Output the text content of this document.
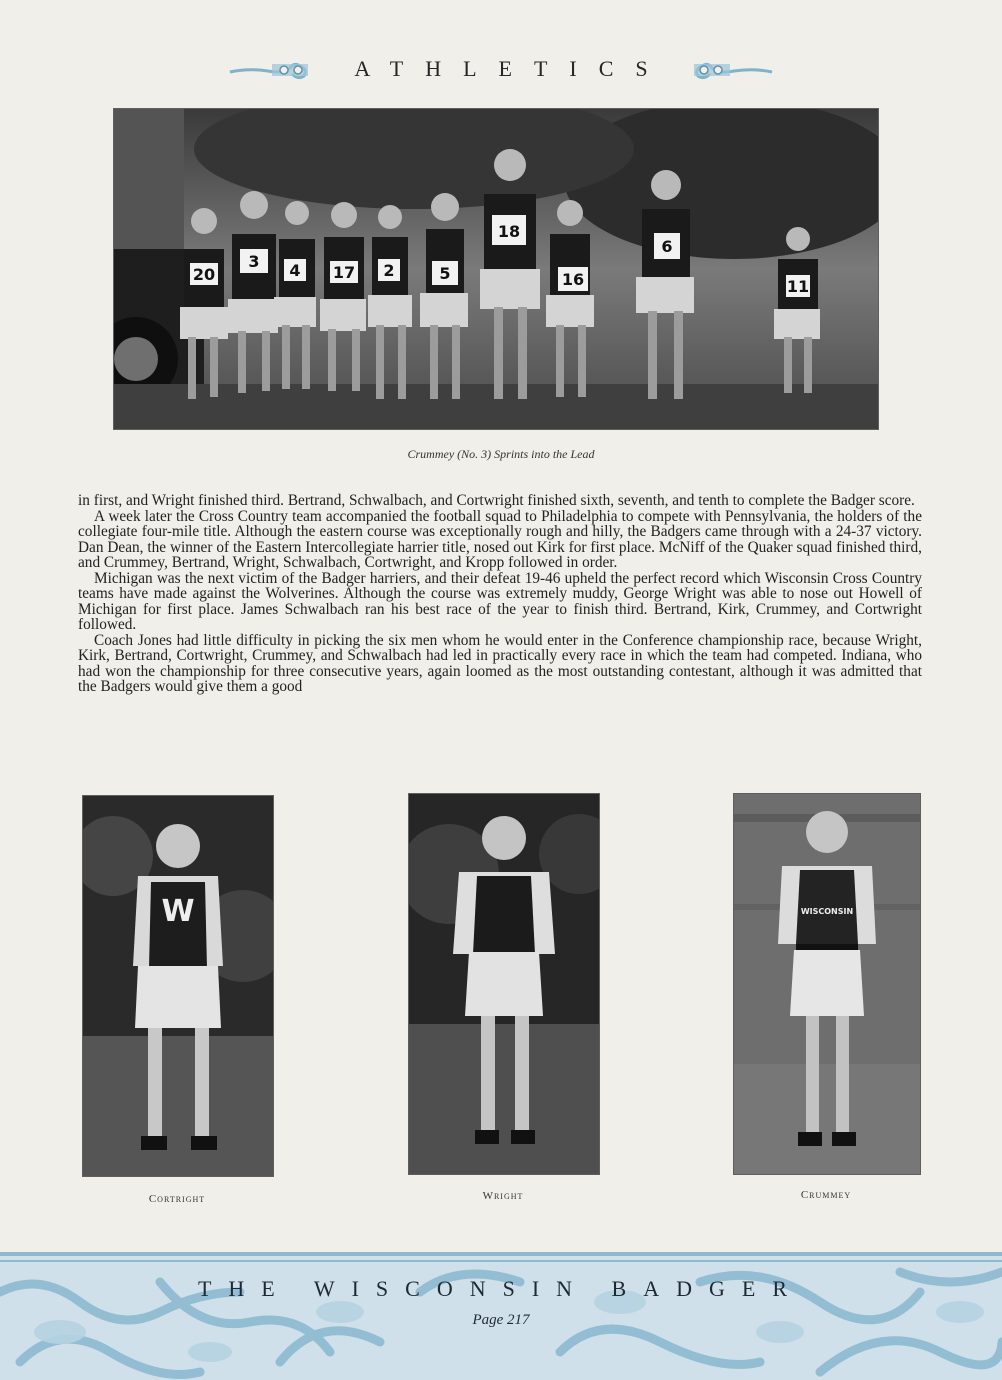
ATHLETICS
20
3 4 17 2	5
18
16
6
11
Crummey (No. 3) Sprints into the Lead

in first, and Wright finished third. Bertrand, Schwalbach, and Cortwright finished sixth, seventh, and tenth to complete the Badger score.

A week later the Cross Country team accompanied the football squad to Philadelphia to compete with Pennsylvania, the holders of the collegiate four-mile title. Although the eastern course was exceptionally rough and hilly, the Badgers came through with a 24-37 victory. Dan Dean, the winner of the Eastern Intercollegiate harrier title, nosed out Kirk for first place. McNiff of the Quaker squad finished third, and Crummey, Bertrand, Wright, Schwalbach, Cortwright, and Kropp followed in order.

Michigan was the next victim of the Badger harriers, and their defeat 19-46 upheld the perfect record which Wisconsin Cross Country teams have made against the Wolverines. Although the course was extremely muddy, George Wright was able to nose out Howell of Michigan for first place. James Schwalbach ran his best race of the year to finish third. Bertrand, Kirk, Crummey, and Cortwright followed.

Coach Jones had little difficulty in picking the six men whom he would enter in the Conference championship race, because Wright, Kirk, Bertrand, Cortwright, Crummey, and Schwalbach had led in practically every race in which the team had competed. Indiana, who had won the championship for three consecutive years, again loomed as the most outstanding contestant, although it was admitted that the Badgers would give them a good

W
Cortright	Wright
WISCONSIN
Crummey
THE WISCONSIN BADGER
Page 217
